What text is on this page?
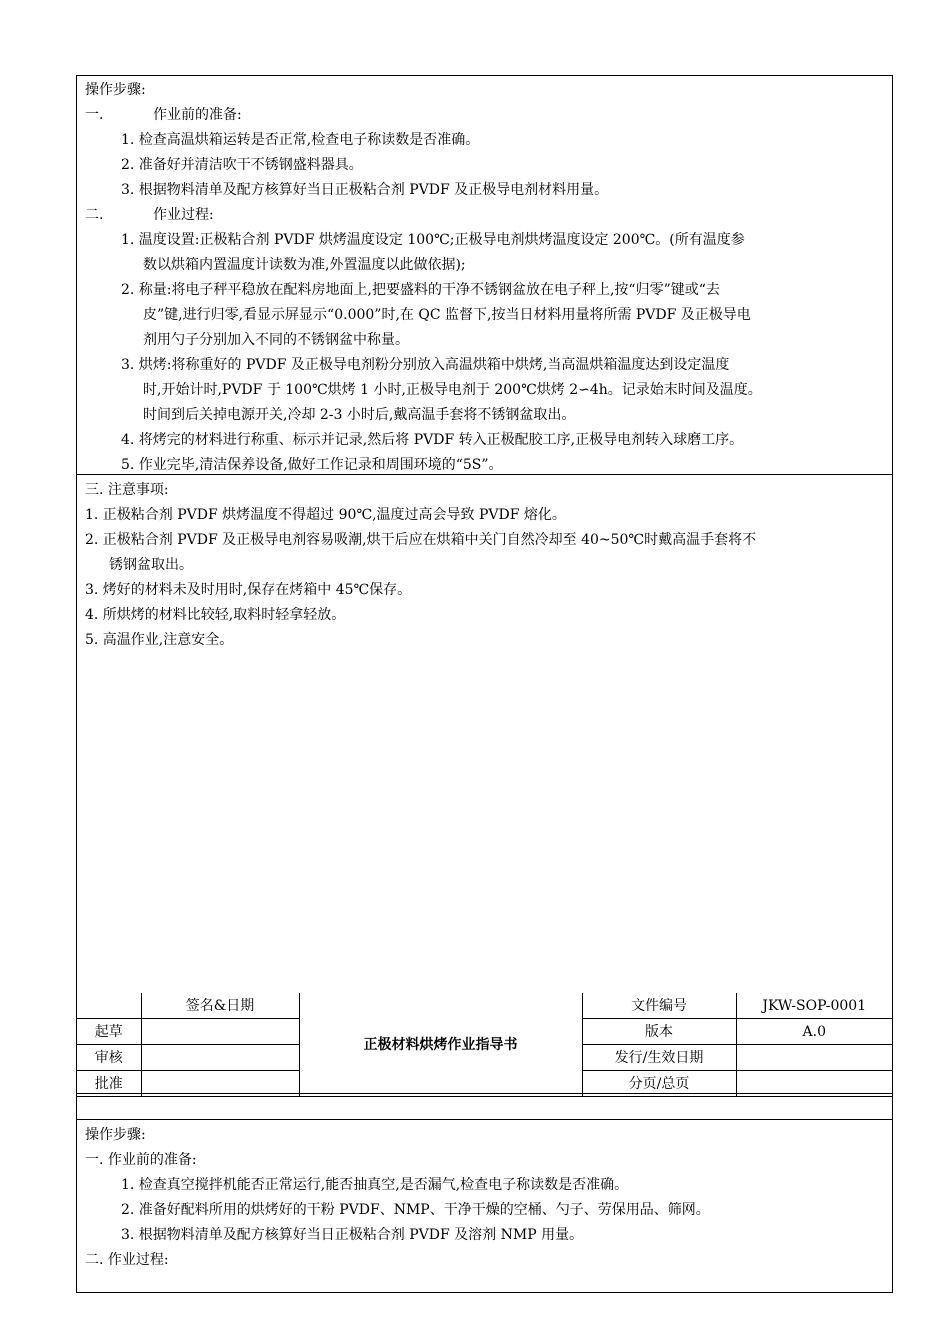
操作步骤:
一.	作业前的准备:
1. 检查高温烘箱运转是否正常,检查电子称读数是否准确。
2. 准备好并清洁吹干不锈钢盛料器具。
3. 根据物料清单及配方核算好当日正极粘合剂 PVDF 及正极导电剂材料用量。
二.	作业过程:
1. 温度设置:正极粘合剂 PVDF 烘烤温度设定 100℃;正极导电剂烘烤温度设定 200℃。(所有温度参
数以烘箱内置温度计读数为准,外置温度以此做依据);
2. 称量:将电子秤平稳放在配料房地面上,把要盛料的干净不锈钢盆放在电子秤上,按“归零”键或“去
皮”键,进行归零,看显示屏显示“0.000”时,在 QC 监督下,按当日材料用量将所需 PVDF 及正极导电
剂用勺子分别加入不同的不锈钢盆中称量。
3. 烘烤:将称重好的 PVDF 及正极导电剂粉分别放入高温烘箱中烘烤,当高温烘箱温度达到设定温度
时,开始计时,PVDF 于 100℃烘烤 1 小时,正极导电剂于 200℃烘烤 2∽4h。记录始末时间及温度。
时间到后关掉电源开关,冷却 2-3 小时后,戴高温手套将不锈钢盆取出。
4. 将烤完的材料进行称重、标示并记录,然后将 PVDF 转入正极配胶工序,正极导电剂转入球磨工序。
5. 作业完毕,清洁保养设备,做好工作记录和周围环境的“5S”。
三. 注意事项:
1. 正极粘合剂 PVDF 烘烤温度不得超过 90℃,温度过高会导致 PVDF 熔化。
2. 正极粘合剂 PVDF 及正极导电剂容易吸潮,烘干后应在烘箱中关门自然冷却至 40~50℃时戴高温手套将不
锈钢盆取出。
3. 烤好的材料未及时用时,保存在烤箱中 45℃保存。
4. 所烘烤的材料比较轻,取料时轻拿轻放。
5. 高温作业,注意安全。
	签名&日期	正极材料烘烤作业指导书	文件编号	JKW-SOP-0001
起草			版本	A.0
审核			发行/生效日期	
批准			分页/总页	
操作步骤:
一. 作业前的准备:
1. 检查真空搅拌机能否正常运行,能否抽真空,是否漏气,检查电子称读数是否准确。
2. 准备好配料所用的烘烤好的干粉 PVDF、NMP、干净干燥的空桶、勺子、劳保用品、筛网。
3. 根据物料清单及配方核算好当日正极粘合剂 PVDF 及溶剂 NMP 用量。
二. 作业过程:
